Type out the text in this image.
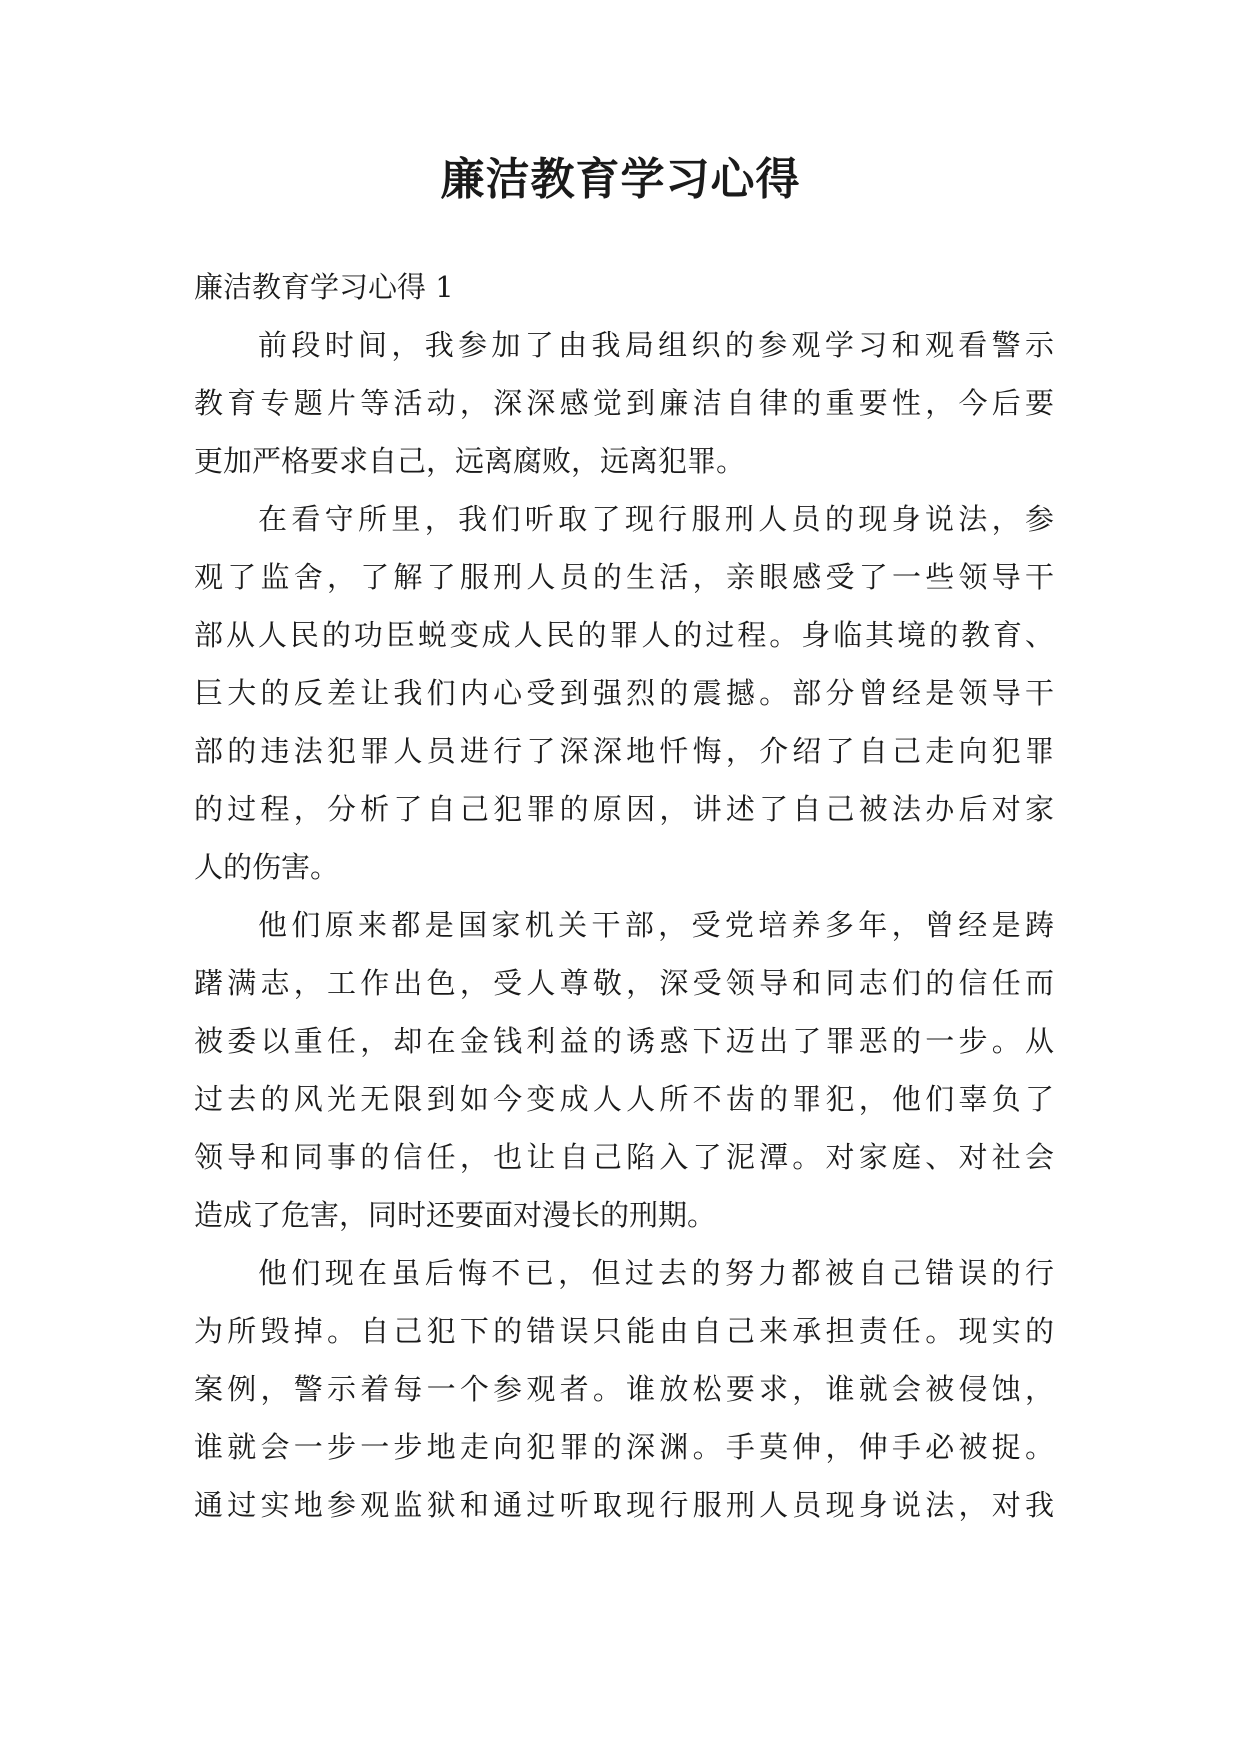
廉洁教育学习心得

廉洁教育学习心得 1

前段时间，我参加了由我局组织的参观学习和观看警示
教育专题片等活动，深深感觉到廉洁自律的重要性，今后要
更加严格要求自己，远离腐败，远离犯罪。
在看守所里，我们听取了现行服刑人员的现身说法，参
观了监舍，了解了服刑人员的生活，亲眼感受了一些领导干
部从人民的功臣蜕变成人民的罪人的过程。身临其境的教育、
巨大的反差让我们内心受到强烈的震撼。部分曾经是领导干
部的违法犯罪人员进行了深深地忏悔，介绍了自己走向犯罪
的过程，分析了自己犯罪的原因，讲述了自己被法办后对家
人的伤害。
他们原来都是国家机关干部，受党培养多年，曾经是踌
躇满志，工作出色，受人尊敬，深受领导和同志们的信任而
被委以重任，却在金钱利益的诱惑下迈出了罪恶的一步。从
过去的风光无限到如今变成人人所不齿的罪犯，他们辜负了
领导和同事的信任，也让自己陷入了泥潭。对家庭、对社会
造成了危害，同时还要面对漫长的刑期。
他们现在虽后悔不已，但过去的努力都被自己错误的行
为所毁掉。自己犯下的错误只能由自己来承担责任。现实的
案例，警示着每一个参观者。谁放松要求，谁就会被侵蚀，
谁就会一步一步地走向犯罪的深渊。手莫伸，伸手必被捉。
通过实地参观监狱和通过听取现行服刑人员现身说法，对我
